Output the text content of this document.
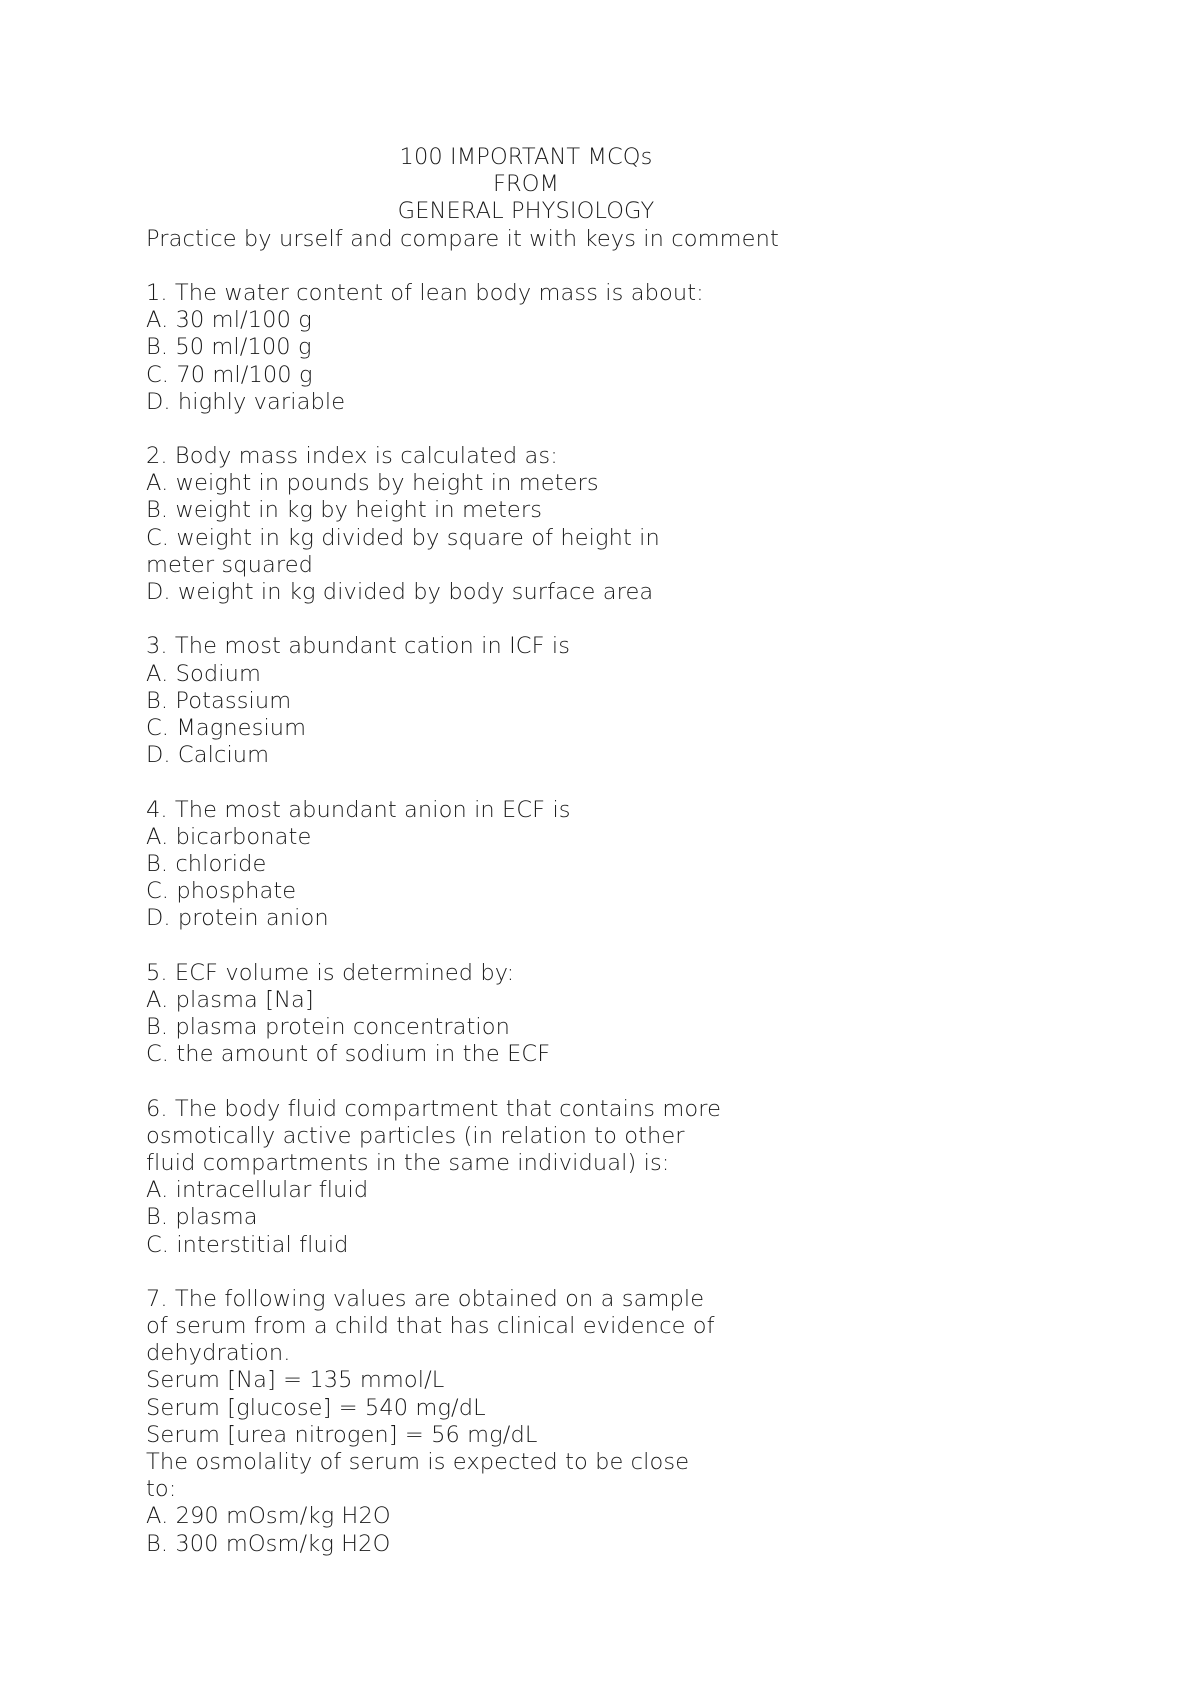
100 IMPORTANT MCQs

FROM

GENERAL PHYSIOLOGY

Practice by urself and compare it with keys in comment

1. The water content of lean body mass is about:

A. 30 ml/100 g

B. 50 ml/100 g

C. 70 ml/100 g

D. highly variable

2. Body mass index is calculated as:

A. weight in pounds by height in meters

B. weight in kg by height in meters

C. weight in kg divided by square of height in

meter squared

D. weight in kg divided by body surface area

3. The most abundant cation in ICF is

A. Sodium

B. Potassium

C. Magnesium

D. Calcium

4. The most abundant anion in ECF is

A. bicarbonate

B. chloride

C. phosphate

D. protein anion

5. ECF volume is determined by:

A. plasma [Na]

B. plasma protein concentration

C. the amount of sodium in the ECF

6. The body fluid compartment that contains more

osmotically active particles (in relation to other

fluid compartments in the same individual) is:

A. intracellular fluid

B. plasma

C. interstitial fluid

7. The following values are obtained on a sample

of serum from a child that has clinical evidence of

dehydration.

Serum [Na] = 135 mmol/L

Serum [glucose] = 540 mg/dL

Serum [urea nitrogen] = 56 mg/dL

The osmolality of serum is expected to be close

to:

A. 290 mOsm/kg H2O

B. 300 mOsm/kg H2O
